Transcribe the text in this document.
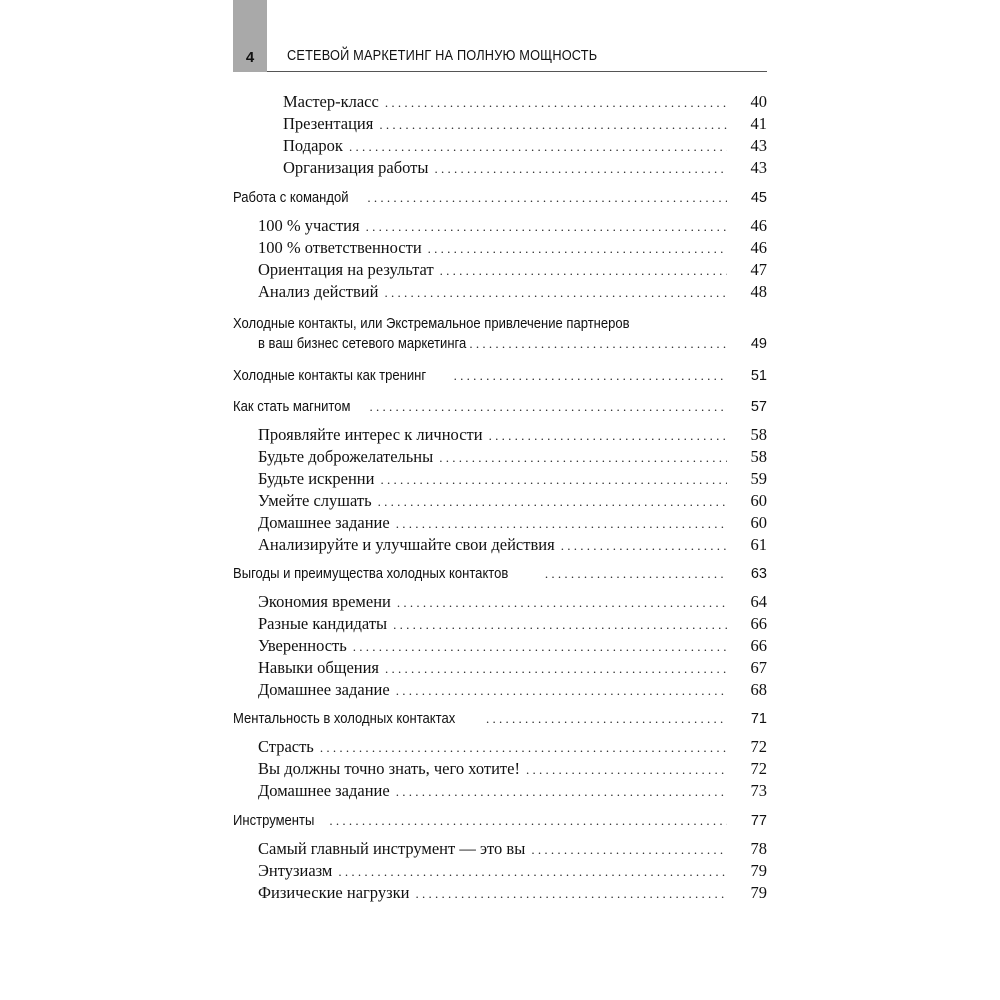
4	СЕТЕВОЙ МАРКЕТИНГ НА ПОЛНУЮ МОЩНОСТЬ
Мастер-класс . . .	40
Презентация . . .	41
Подарок . . .	43
Организация работы . . .	43
Работа с командой . . .	45
100 % участия . . .	46
100 % ответственности . . .	46
Ориентация на результат . . .	47
Анализ действий . . .	48
Холодные контакты, или Экстремальное привлечение партнеров
в ваш бизнес сетевого маркетинга . . .	49
Холодные контакты как тренинг . . .	51
Как стать магнитом . . .	57
Проявляйте интерес к личности . . .	58
Будьте доброжелательны . . .	58
Будьте искренни . . .	59
Умейте слушать . . .	60
Домашнее задание . . .	60
Анализируйте и улучшайте свои действия . . .	61
Выгоды и преимущества холодных контактов . . .	63
Экономия времени . . .	64
Разные кандидаты . . .	66
Уверенность . . .	66
Навыки общения . . .	67
Домашнее задание . . .	68
Ментальность в холодных контактах . . .	71
Страсть . . .	72
Вы должны точно знать, чего хотите! . . .	72
Домашнее задание . . .	73
Инструменты . . .	77
Самый главный инструмент — это вы . . .	78
Энтузиазм . . .	79
Физические нагрузки . . .	79
